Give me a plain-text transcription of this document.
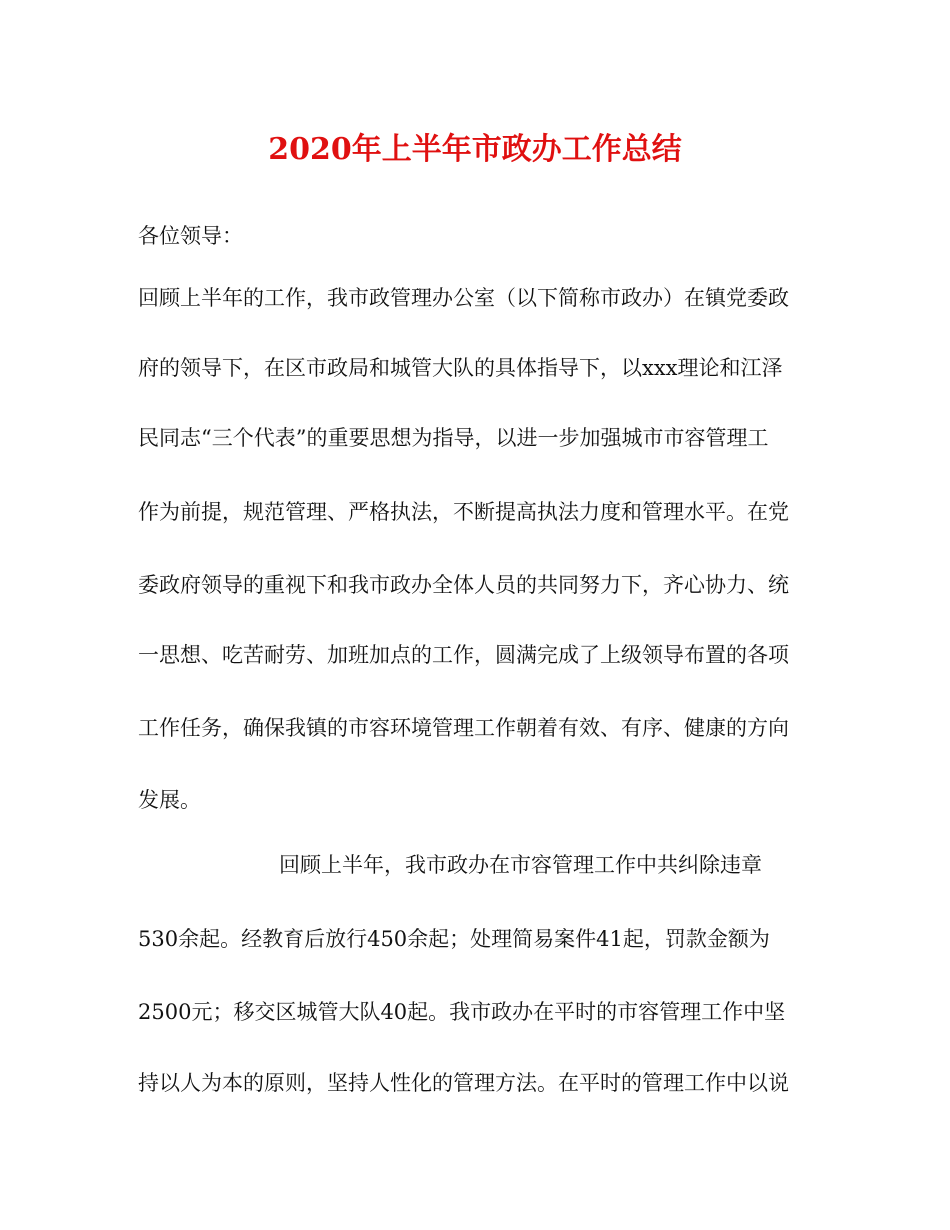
2020年上半年市政办工作总结
各位领导：
回顾上半年的工作，我市政管理办公室（以下简称市政办）在镇党委政
府的领导下，在区市政局和城管大队的具体指导下，以xxx理论和江泽
民同志“三个代表”的重要思想为指导，以进一步加强城市市容管理工
作为前提，规范管理、严格执法，不断提高执法力度和管理水平。在党
委政府领导的重视下和我市政办全体人员的共同努力下，齐心协力、统
一思想、吃苦耐劳、加班加点的工作，圆满完成了上级领导布置的各项
工作任务，确保我镇的市容环境管理工作朝着有效、有序、健康的方向
发展。
回顾上半年，我市政办在市容管理工作中共纠除违章
530余起。经教育后放行450余起；处理简易案件41起，罚款金额为
2500元；移交区城管大队40起。我市政办在平时的市容管理工作中坚
持以人为本的原则，坚持人性化的管理方法。在平时的管理工作中以说
